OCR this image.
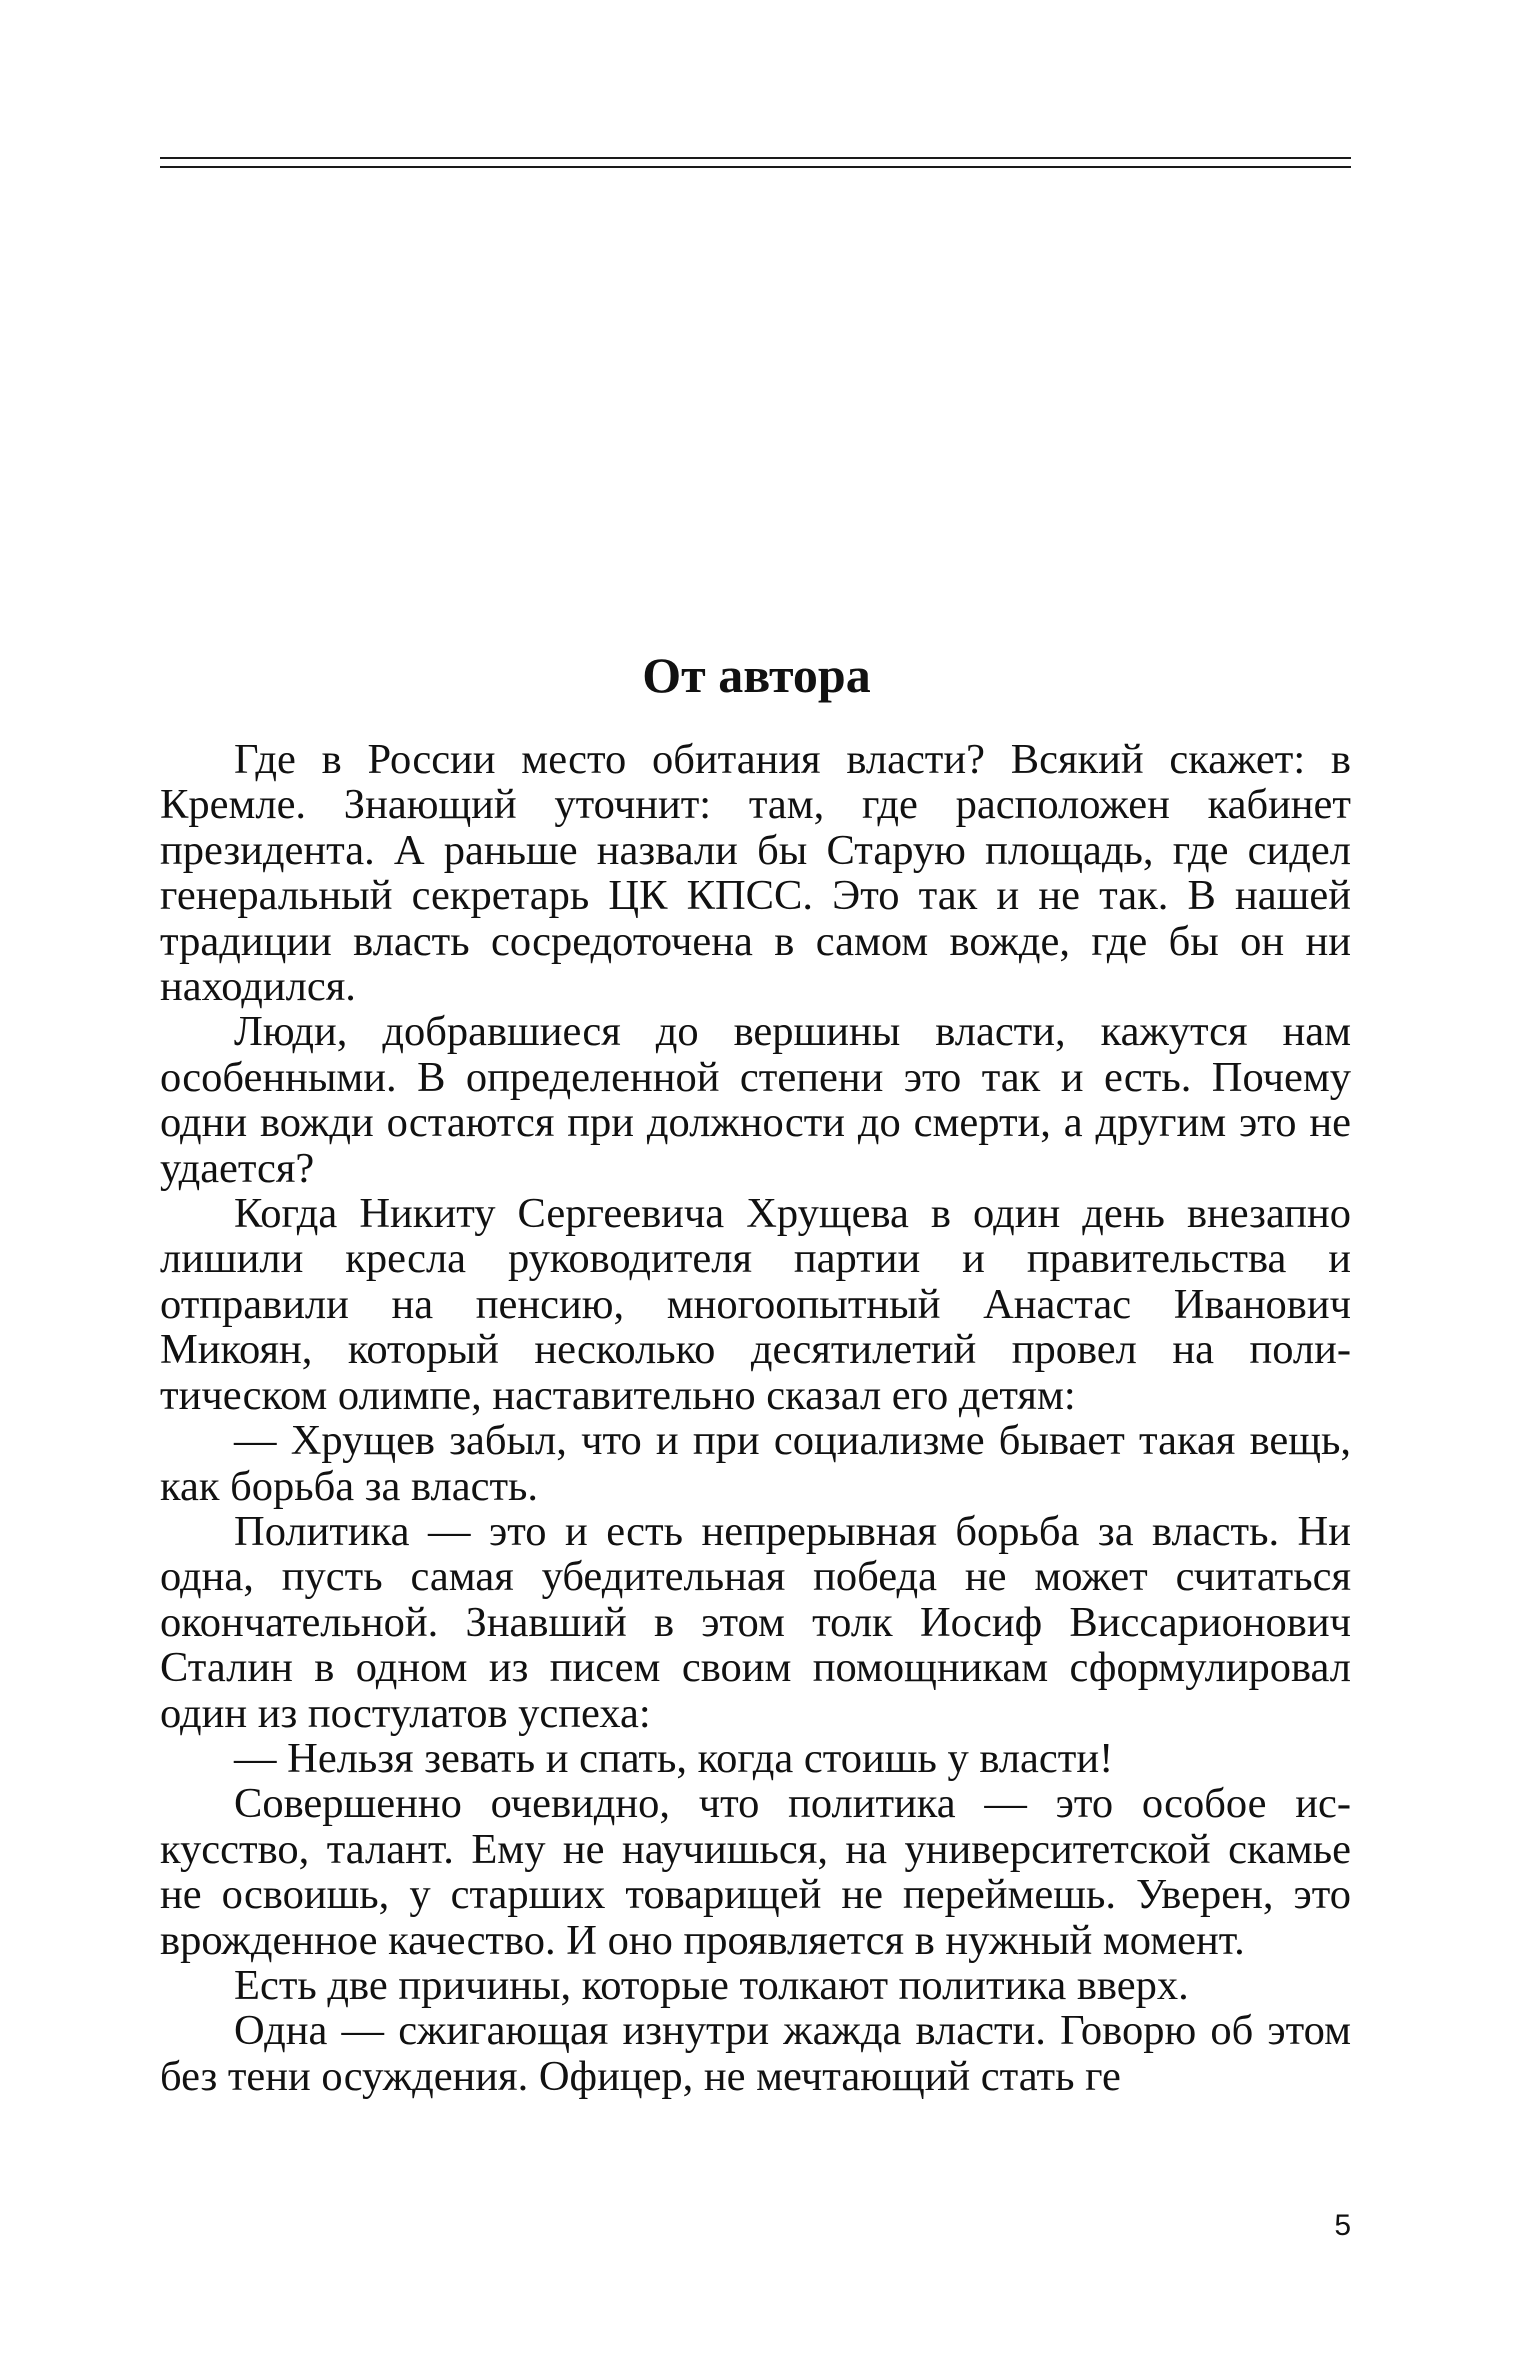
От автора

Где в России место обитания власти? Всякий скажет: в Кремле. Знающий уточнит: там, где расположен кабинет президента. А раньше назвали бы Старую площадь, где сидел генеральный секретарь ЦК КПСС. Это так и не так. В нашей традиции власть сосредоточена в самом вожде, где бы он ни находился.

Люди, добравшиеся до вершины власти, кажутся нам особенными. В определенной степени это так и есть. Почему одни вожди остаются при должности до смерти, а другим это не удается?

Когда Никиту Сергеевича Хрущева в один день внезапно лишили кресла руководителя партии и правительства и отправили на пенсию, многоопытный Анастас Иванович Микоян, который несколько десятилетий провел на политическом олимпе, наставительно сказал его детям:

— Хрущев забыл, что и при социализме бывает такая вещь, как борьба за власть.

Политика — это и есть непрерывная борьба за власть. Ни одна, пусть самая убедительная победа не может считаться окончательной. Знавший в этом толк Иосиф Виссарионович Сталин в одном из писем своим помощникам сформулировал один из постулатов успеха:

— Нельзя зевать и спать, когда стоишь у власти!

Совершенно очевидно, что политика — это особое искусство, талант. Ему не научишься, на университетской скамье не освоишь, у старших товарищей не переймешь. Уверен, это врожденное качество. И оно проявляется в нужный момент.

Есть две причины, которые толкают политика вверх.

Одна — сжигающая изнутри жажда власти. Говорю об этом без тени осуждения. Офицер, не мечтающий стать ге

5
